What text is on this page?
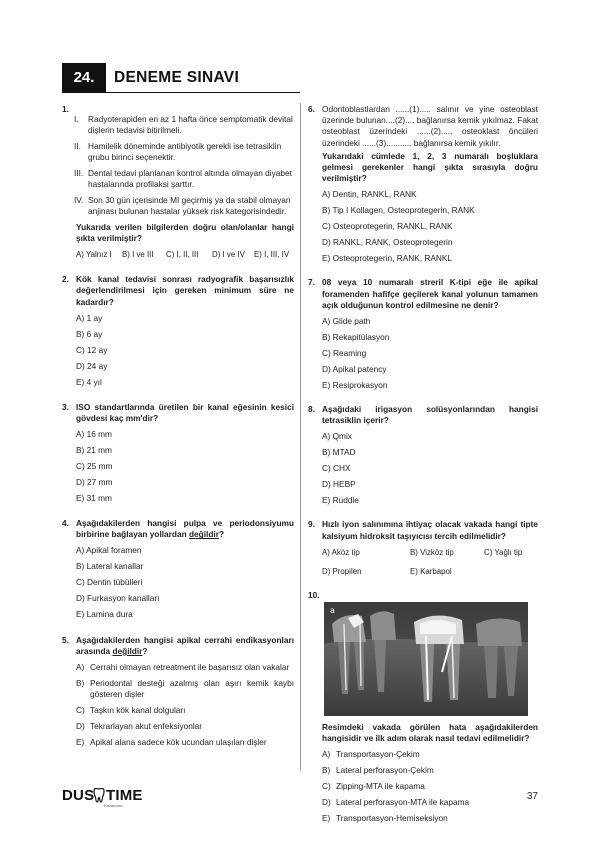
24.	DENEME SINAVI
1.
I. Radyoterapiden en az 1 hafta önce semptomatik devital dişlerin tedavisi bitirilmeli.
II. Hamilelik döneminde antibiyotik gerekli ise tetrasiklin grubu birinci seçenektir.
III. Dental tedavi planlanan kontrol altında olmayan diyabet hastalarında profilaksi şarttır.
IV. Son 30 gün içerisinde MI geçirmiş ya da stabil olmayan anjinası bulunan hastalar yüksek risk kategorisindedir.
Yukarıda verilen bilgilerden doğru olan/olanlar hangi şıkta verilmiştir?
A) Yalnız I	B) I ve III	C) I, II, III	D) I ve IV	E) I, III, IV
2. Kök kanal tedavisi sonrası radyografik başarısızlık değerlendirilmesi için gereken minimum süre ne kadardır?
A) 1 ay
B) 6 ay
C) 12 ay
D) 24 ay
E) 4 yıl
3. ISO standartlarında üretilen bir kanal eğesinin kesici gövdesi kaç mm'dir?
A) 16 mm
B) 21 mm
C) 25 mm
D) 27 mm
E) 31 mm
4. Aşağıdakilerden hangisi pulpa ve periodonsiyumu birbirine bağlayan yollardan değildir?
A) Apikal foramen
B) Lateral kanallar
C) Dentin tübülleri
D) Furkasyon kanalları
E) Lamina dura
5. Aşağıdakilerden hangisi apikal cerrahi endikasyonları arasında değildir?
A) Cerrahi olmayan retreatment ile başarısız olan vakalar
B) Periodontal desteği azalmış olan aşırı kemik kaybı gösteren dişler
C) Taşkın kök kanal dolguları
D) Tekrarlayan akut enfeksiyonlar
E) Apikal alana sadece kök ucundan ulaşılan dişler
6. Odontoblastlardan ......(1)..... salınır ve yine osteoblast üzerinde bulunan....(2).... bağlanırsa kemik yıkılmaz. Fakat osteoblast üzerindeki ......(2)...., osteoklast öncüleri üzerindeki ......(3)........... bağlanırsa kemik yıkılır.
Yukarıdaki cümlede 1, 2, 3 numaralı boşluklara gelmesi gerekenler hangi şıkta sırasıyla doğru verilmiştir?
A) Dentin, RANKL, RANK
B) Tip I Kollagen, Osteoprotegerin, RANK
C) Osteoprotegerin, RANKL, RANK
D) RANKL, RANK, Osteoprotegerin
E) Osteoprotegerin, RANK, RANKL
7. 08 veya 10 numaralı streril K-tipi eğe ile apikal foramenden hafifçe geçilerek kanal yolunun tamamen açık olduğunun kontrol edilmesine ne denir?
A) Glide path
B) Rekapitülasyon
C) Reaming
D) Apikal patency
E) Resiprokasyon
8. Aşağıdaki irigasyon solüsyonlarından hangisi tetrasiklin içerir?
A) Qmix
B) MTAD
C) CHX
D) HEBP
E) Ruddle
9. Hızlı iyon salınımına ihtiyaç olacak vakada hangi tipte kalsiyum hidroksit taşıyıcısı tercih edilmelidir?
A) Aköz tip	B) Vizköz tip	C) Yağlı tip
D) Propilen	E) Karbapol
10.
a
Resimdeki vakada görülen hata aşağıdakilerden hangisidir ve ilk adım olarak nasıl tedavi edilmelidir?
A) Transportasyon-Çekim
B) Lateral perforasyon-Çekim
C) Zipping-MTA ile kapama
D) Lateral perforasyon-MTA ile kapama
E) Transportasyon-Hemiseksiyon
DUS TIME
Kazandırır...
37
